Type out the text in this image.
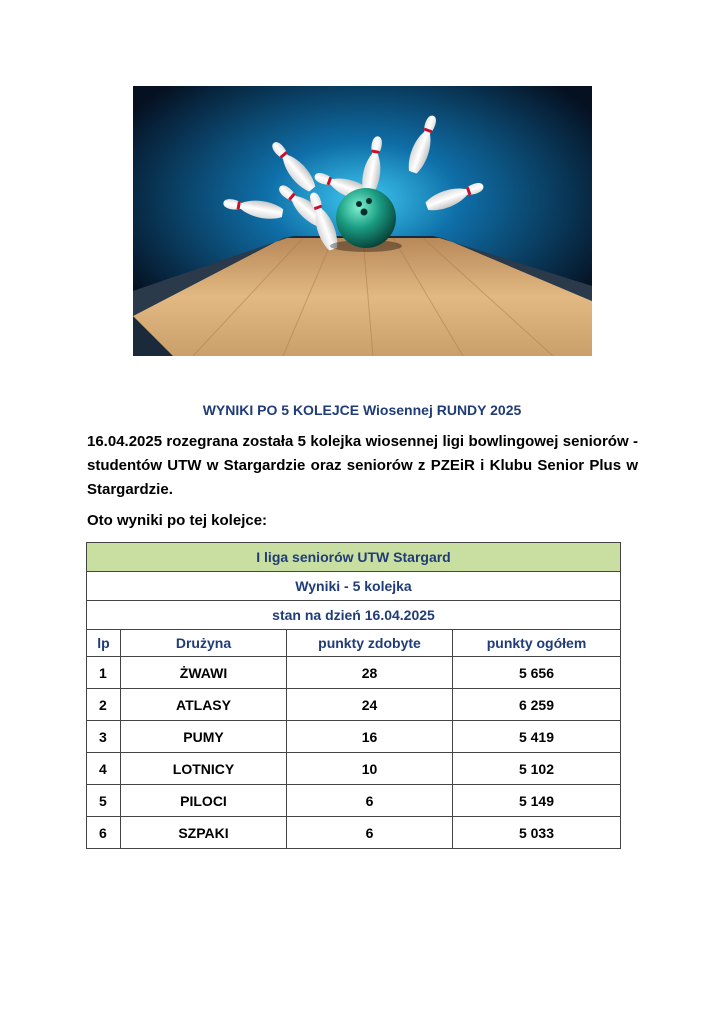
WYNIKI PO 5 KOLEJCE Wiosennej RUNDY 2025

16.04.2025 rozegrana została 5 kolejka wiosennej ligi bowlingowej seniorów - studentów UTW w Stargardzie oraz seniorów z PZEiR i Klubu Senior Plus w Stargardzie.

Oto wyniki po tej kolejce:
I liga seniorów UTW Stargard			
Wyniki - 5 kolejka			
stan na dzień 16.04.2025			
lp	Drużyna	punkty zdobyte	punkty ogółem
1	ŻWAWI	28	5 656
2	ATLASY	24	6 259
3	PUMY	16	5 419
4	LOTNICY	10	5 102
5	PILOCI	6	5 149
6	SZPAKI	6	5 033
